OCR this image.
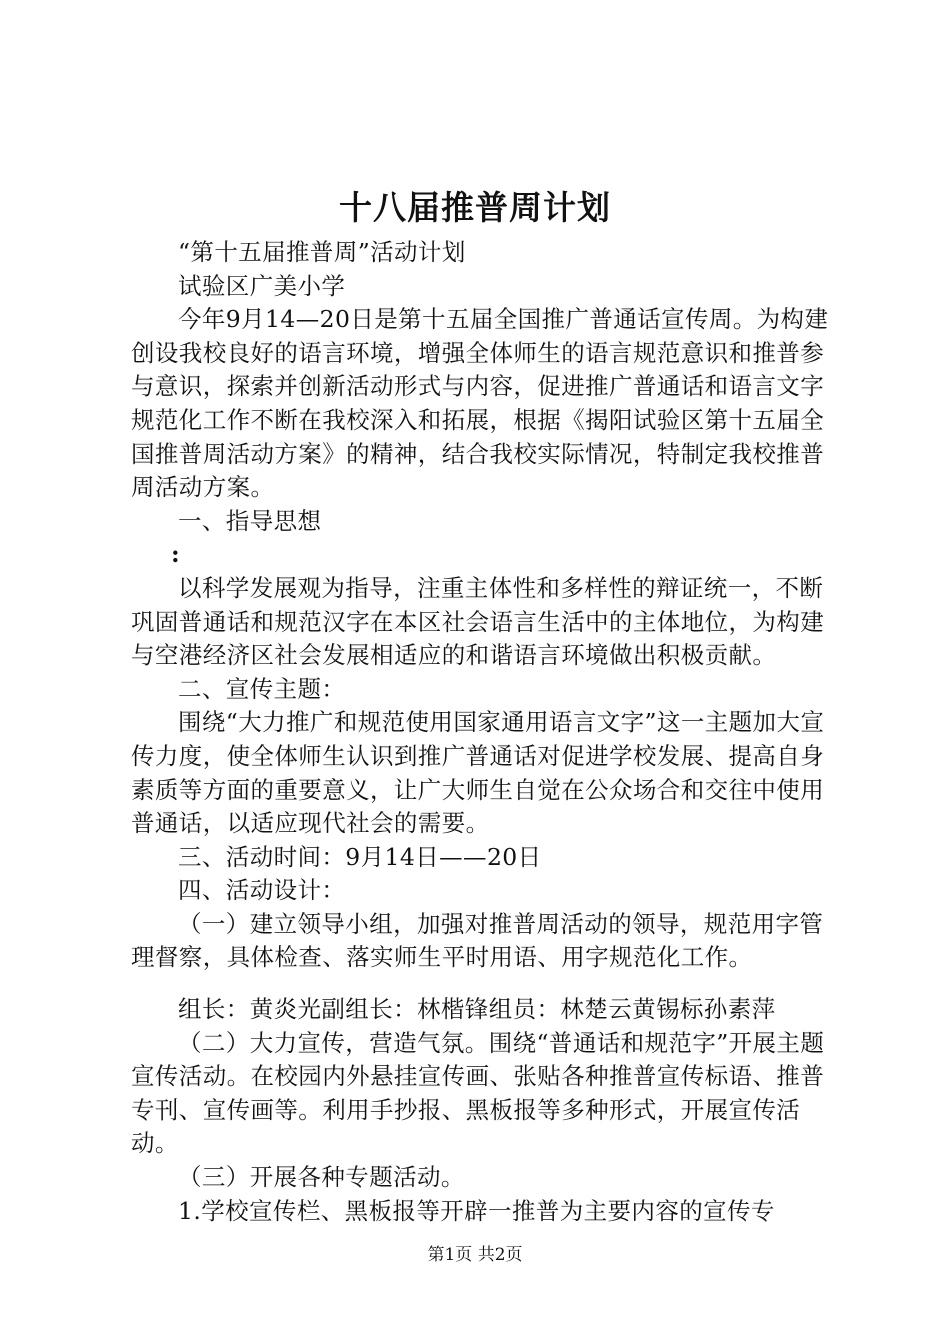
十八届推普周计划

“第十五届推普周”活动计划

试验区广美小学

今年9月14—20日是第十五届全国推广普通话宣传周。为构建创设我校良好的语言环境，增强全体师生的语言规范意识和推普参与意识，探索并创新活动形式与内容，促进推广普通话和语言文字规范化工作不断在我校深入和拓展，根据《揭阳试验区第十五届全国推普周活动方案》的精神，结合我校实际情况，特制定我校推普周活动方案。

一、指导思想

:

以科学发展观为指导，注重主体性和多样性的辩证统一，不断巩固普通话和规范汉字在本区社会语言生活中的主体地位，为构建与空港经济区社会发展相适应的和谐语言环境做出积极贡献。

二、宣传主题：

围绕“大力推广和规范使用国家通用语言文字”这一主题加大宣传力度，使全体师生认识到推广普通话对促进学校发展、提高自身素质等方面的重要意义，让广大师生自觉在公众场合和交往中使用普通话，以适应现代社会的需要。

三、活动时间：9月14日——20日

四、活动设计：

（一）建立领导小组，加强对推普周活动的领导，规范用字管理督察，具体检查、落实师生平时用语、用字规范化工作。

组长：黄炎光副组长：林楷锋组员：林楚云黄锡标孙素萍

（二）大力宣传，营造气氛。围绕“普通话和规范字”开展主题宣传活动。在校园内外悬挂宣传画、张贴各种推普宣传标语、推普专刊、宣传画等。利用手抄报、黑板报等多种形式，开展宣传活动。

（三）开展各种专题活动。

1.学校宣传栏、黑板报等开辟一推普为主要内容的宣传专

第1页 共2页
